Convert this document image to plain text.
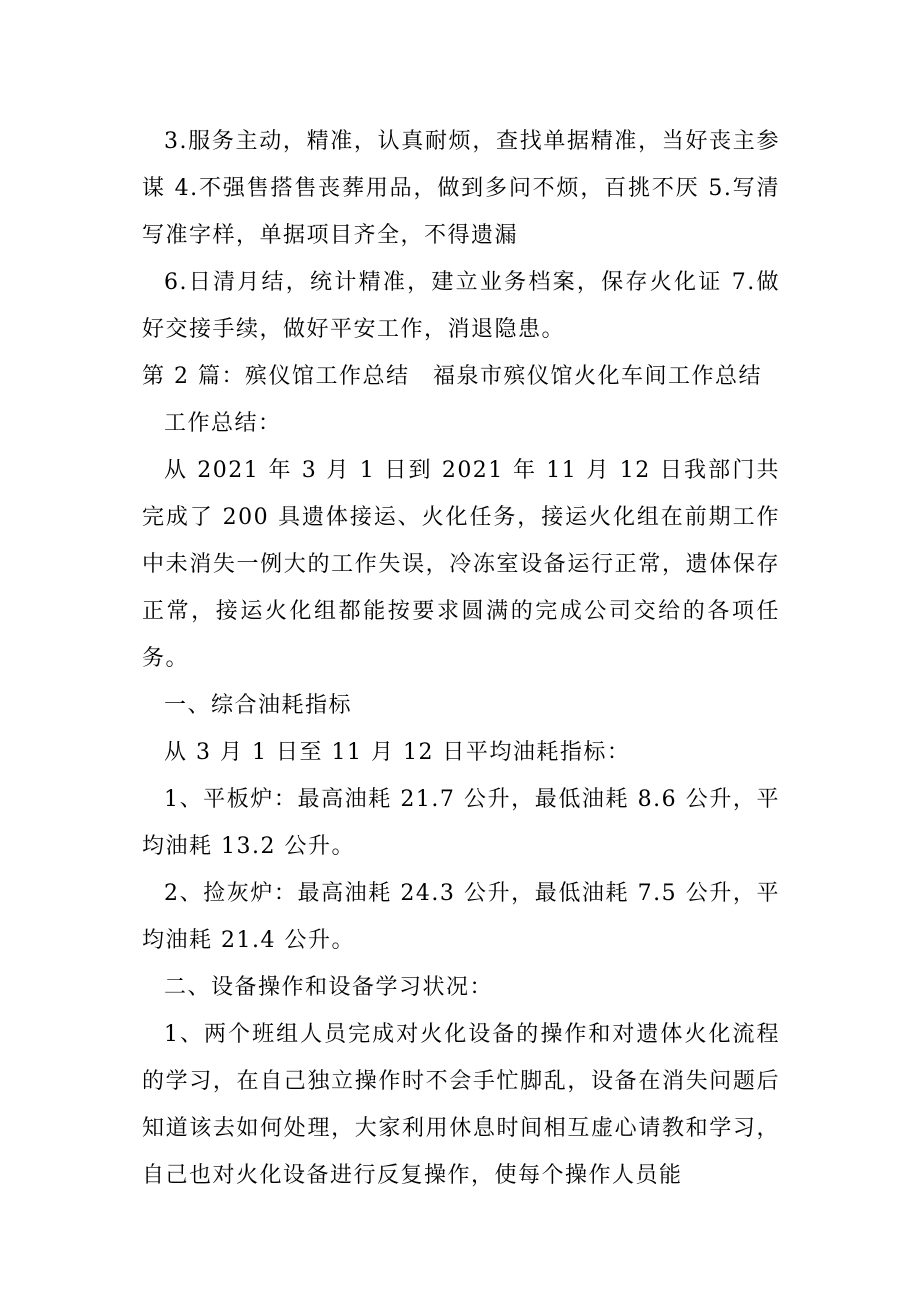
3.服务主动，精准，认真耐烦，查找单据精准，当好丧主参谋 4.不强售搭售丧葬用品，做到多问不烦，百挑不厌 5.写清写准字样，单据项目齐全，不得遗漏

6.日清月结，统计精准，建立业务档案，保存火化证 7.做好交接手续，做好平安工作，消退隐患。

第 2 篇：殡仪馆工作总结　福泉市殡仪馆火化车间工作总结

工作总结：

从 2021 年 3 月 1 日到 2021 年 11 月 12 日我部门共完成了 200 具遗体接运、火化任务，接运火化组在前期工作中未消失一例大的工作失误，冷冻室设备运行正常，遗体保存正常，接运火化组都能按要求圆满的完成公司交给的各项任务。

一、综合油耗指标

从 3 月 1 日至 11 月 12 日平均油耗指标：

1、平板炉：最高油耗 21.7 公升，最低油耗 8.6 公升，平均油耗 13.2 公升。

2、捡灰炉：最高油耗 24.3 公升，最低油耗 7.5 公升，平均油耗 21.4 公升。

二、设备操作和设备学习状况：

1、两个班组人员完成对火化设备的操作和对遗体火化流程的学习，在自己独立操作时不会手忙脚乱，设备在消失问题后知道该去如何处理，大家利用休息时间相互虚心请教和学习，自己也对火化设备进行反复操作，使每个操作人员能
